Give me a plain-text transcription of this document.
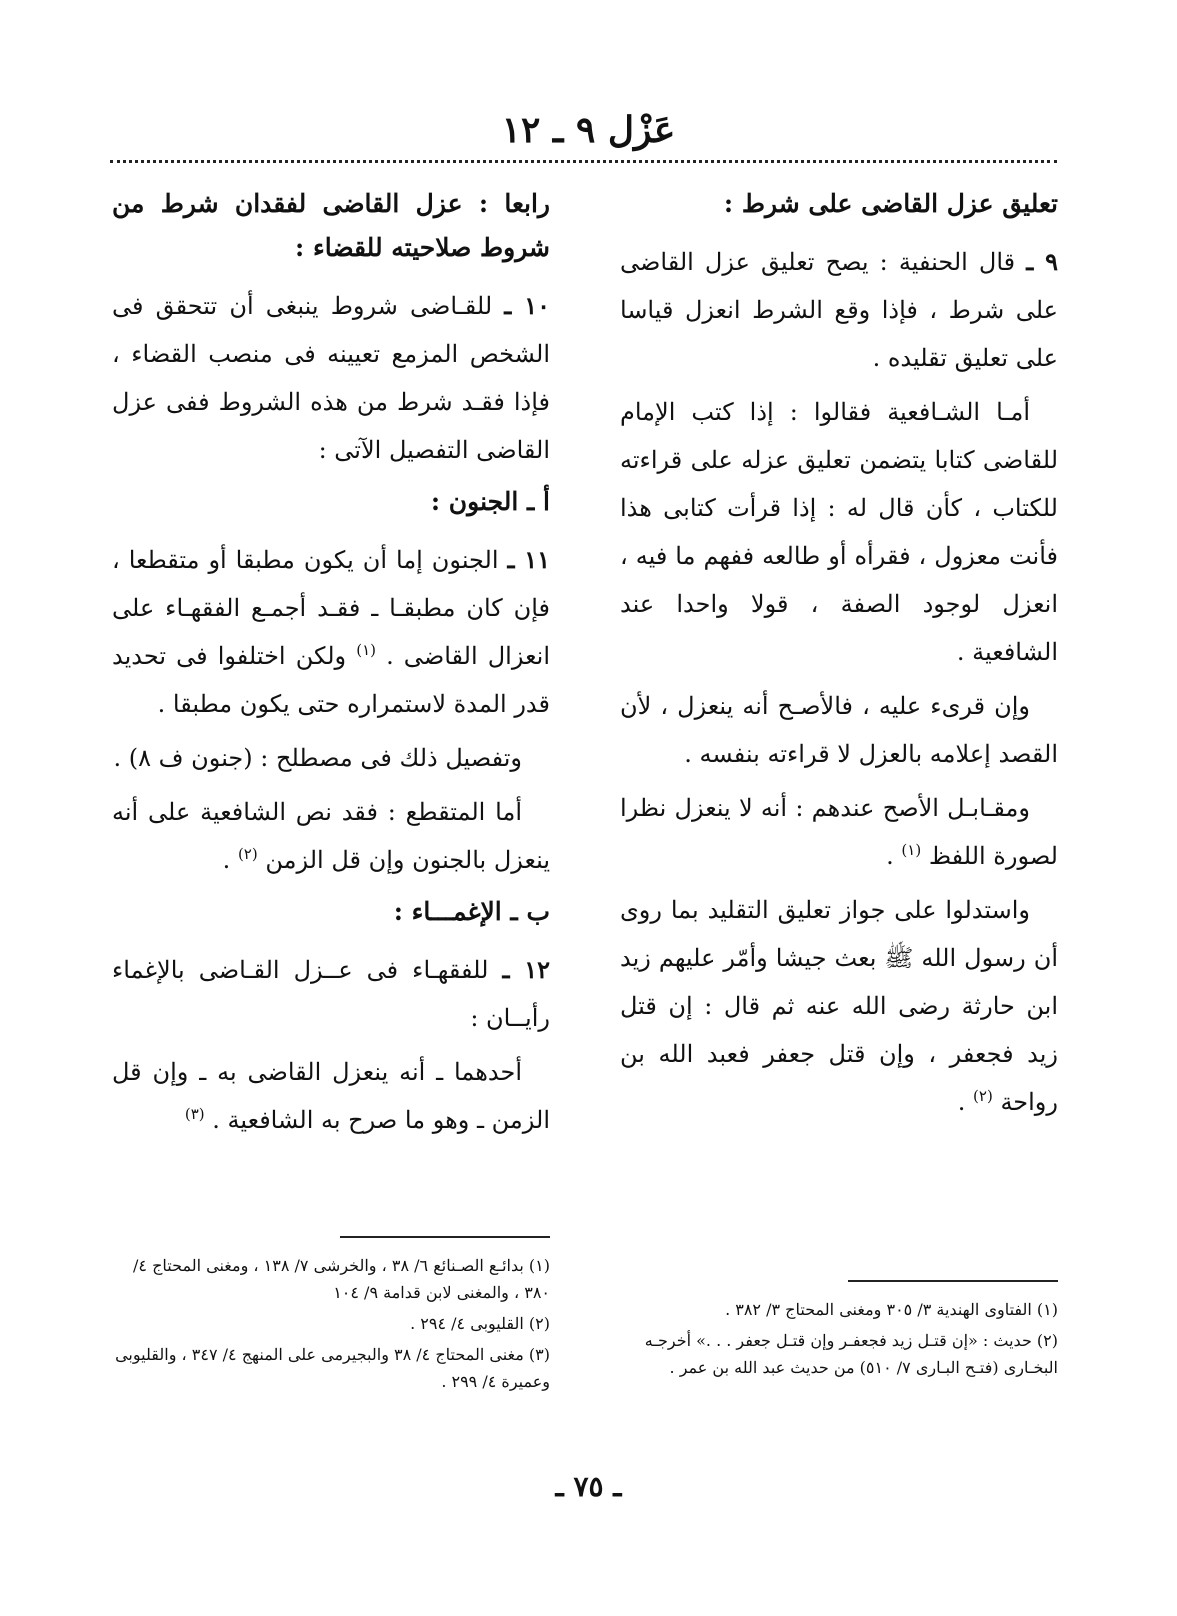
عَزْل ٩ ـ ١٢
تعليق عزل القاضى على شرط :

٩ ـ قال الحنفية : يصح تعليق عزل القاضى على شرط ، فإذا وقع الشرط انعزل قياسا على تعليق تقليده .

أمـا الشـافعية فقالوا : إذا كتب الإمام للقاضى كتابا يتضمن تعليق عزله على قراءته للكتاب ، كأن قال له : إذا قرأت كتابى هذا فأنت معزول ، فقرأه أو طالعه ففهم ما فيه ، انعزل لوجود الصفة ، قولا واحدا عند الشافعية .

وإن قرىء عليه ، فالأصـح أنه ينعزل ، لأن القصد إعلامه بالعزل لا قراءته بنفسه .

ومقـابـل الأصح عندهم : أنه لا ينعزل نظرا لصورة اللفظ $^{(١)}$ .

واستدلوا على جواز تعليق التقليد بما روى أن رسول الله ﷺ بعث جيشا وأمّر عليهم زيد ابن حارثة رضى الله عنه ثم قال : إن قتل زيد فجعفر ، وإن قتل جعفر فعبد الله بن رواحة $^{(٢)}$ .

رابعا : عزل القاضى لفقدان شرط من شروط صلاحيته للقضاء :

١٠ ـ للقـاضى شروط ينبغى أن تتحقق فى الشخص المزمع تعيينه فى منصب القضاء ، فإذا فقـد شرط من هذه الشروط ففى عزل القاضى التفصيل الآتى :

أ ـ الجنون :

١١ ـ الجنون إما أن يكون مطبقا أو متقطعا ، فإن كان مطبقـا ـ فقـد أجمـع الفقهـاء على انعزال القاضى . $^{(١)}$ ولكن اختلفوا فى تحديد قدر المدة لاستمراره حتى يكون مطبقا .

وتفصيل ذلك فى مصطلح : (جنون ف ٨) .

أما المتقطع : فقد نص الشافعية على أنه ينعزل بالجنون وإن قل الزمن $^{(٢)}$ .

ب ـ الإغمـــاء :

١٢ ـ للفقهـاء فى عــزل القـاضى بالإغماء رأيــان :

أحدهما ـ أنه ينعزل القاضى به ـ وإن قل الزمن ـ وهو ما صرح به الشافعية . $^{(٣)}$

(١) الفتاوى الهندية ٣/ ٣٠٥ ومغنى المحتاج ٣/ ٣٨٢ .

(٢) حديث : «إن قتـل زيد فجعفـر وإن قتـل جعفر . . .» أخرجـه البخـارى (فتـح البـارى ٧/ ٥١٠) من حديث عبد الله بن عمر .

(١) بدائـع الصـنائع ٦/ ٣٨ ، والخرشى ٧/ ١٣٨ ، ومغنى المحتاج ٤/ ٣٨٠ ، والمغنى لابن قدامة ٩/ ١٠٤

(٢) القليوبى ٤/ ٢٩٤ .

(٣) مغنى المحتاج ٤/ ٣٨ والبجيرمى على المنهج ٤/ ٣٤٧ ، والقليوبى وعميرة ٤/ ٢٩٩ .

ـ ٧٥ ـ
